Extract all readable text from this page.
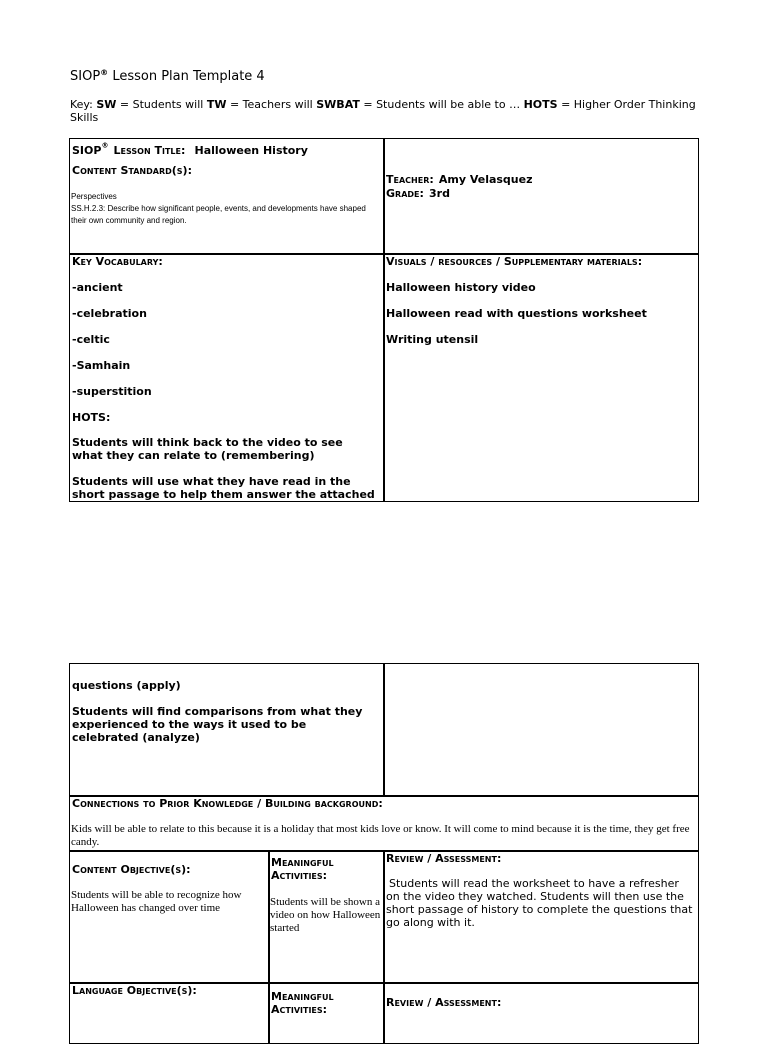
SIOP® Lesson Plan Template 4
Key: SW = Students will TW = Teachers will SWBAT = Students will be able to … HOTS = Higher Order Thinking Skills
SIOP® Lesson Title: Halloween History
Content Standard(s):
Perspectives
SS.H.2.3: Describe how significant people, events, and developments have shaped their own community and region.
Teacher: Amy Velasquez
Grade: 3rd
Key Vocabulary:
-ancient
-celebration
-celtic
-Samhain
-superstition
HOTS:
Students will think back to the video to see what they can relate to (remembering)
Students will use what they have read in the short passage to help them answer the attached
Visuals / resources / Supplementary materials:
Halloween history video
Halloween read with questions worksheet
Writing utensil
questions (apply)
Students will find comparisons from what they experienced to the ways it used to be celebrated (analyze)
Connections to Prior Knowledge / Building background:
Kids will be able to relate to this because it is a holiday that most kids love or know. It will come to mind because it is the time, they get free candy.
Content Objective(s):
Students will be able to recognize how Halloween has changed over time
Meaningful Activities:
Students will be shown a video on how Halloween started
Review / Assessment:
Students will read the worksheet to have a refresher on the video they watched. Students will then use the short passage of history to complete the questions that go along with it.
Language Objective(s):	Meaningful Activities:
Review / Assessment:
